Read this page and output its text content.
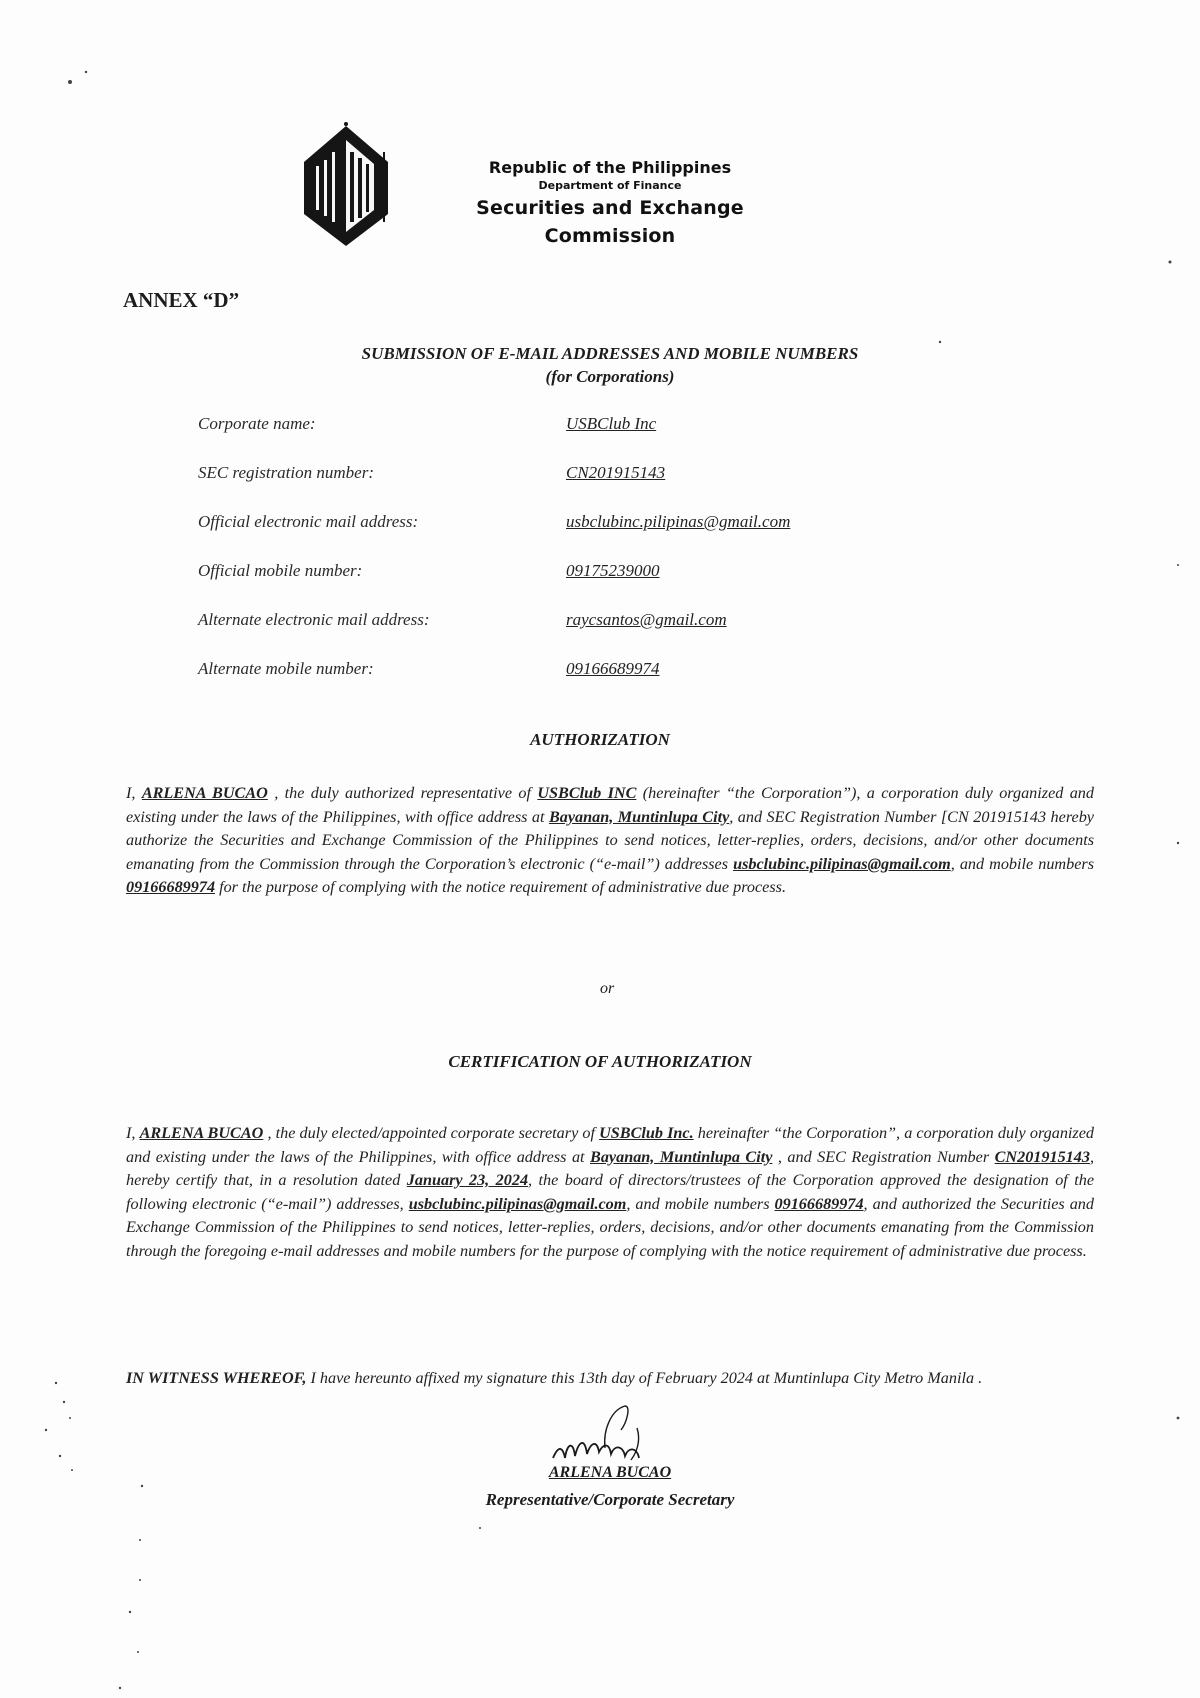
Republic of the Philippines
Department of Finance
Securities and Exchange Commission
ANNEX “D”
SUBMISSION OF E-MAIL ADDRESSES AND MOBILE NUMBERS
(for Corporations)
Corporate name:	USBClub Inc
SEC registration number:	CN201915143
Official electronic mail address:	usbclubinc.pilipinas@gmail.com
Official mobile number:	09175239000
Alternate electronic mail address:	raycsantos@gmail.com
Alternate mobile number:	09166689974
AUTHORIZATION
I, ARLENA BUCAO , the duly authorized representative of USBClub INC (hereinafter “the Corporation”), a corporation duly organized and existing under the laws of the Philippines, with office address at Bayanan, Muntinlupa City, and SEC Registration Number [CN 201915143 hereby authorize the Securities and Exchange Commission of the Philippines to send notices, letter-replies, orders, decisions, and/or other documents emanating from the Commission through the Corporation’s electronic (“e-mail”) addresses usbclubinc.pilipinas@gmail.com, and mobile numbers 09166689974 for the purpose of complying with the notice requirement of administrative due process.
or
CERTIFICATION OF AUTHORIZATION
I, ARLENA BUCAO , the duly elected/appointed corporate secretary of USBClub Inc. hereinafter “the Corporation”, a corporation duly organized and existing under the laws of the Philippines, with office address at Bayanan, Muntinlupa City , and SEC Registration Number CN201915143, hereby certify that, in a resolution dated January 23, 2024, the board of directors/trustees of the Corporation approved the designation of the following electronic (“e-mail”) addresses, usbclubinc.pilipinas@gmail.com, and mobile numbers 09166689974, and authorized the Securities and Exchange Commission of the Philippines to send notices, letter-replies, orders, decisions, and/or other documents emanating from the Commission through the foregoing e-mail addresses and mobile numbers for the purpose of complying with the notice requirement of administrative due process.
IN WITNESS WHEREOF, I have hereunto affixed my signature this 13th day of February 2024 at Muntinlupa City Metro Manila .
ARLENA BUCAO
Representative/Corporate Secretary
